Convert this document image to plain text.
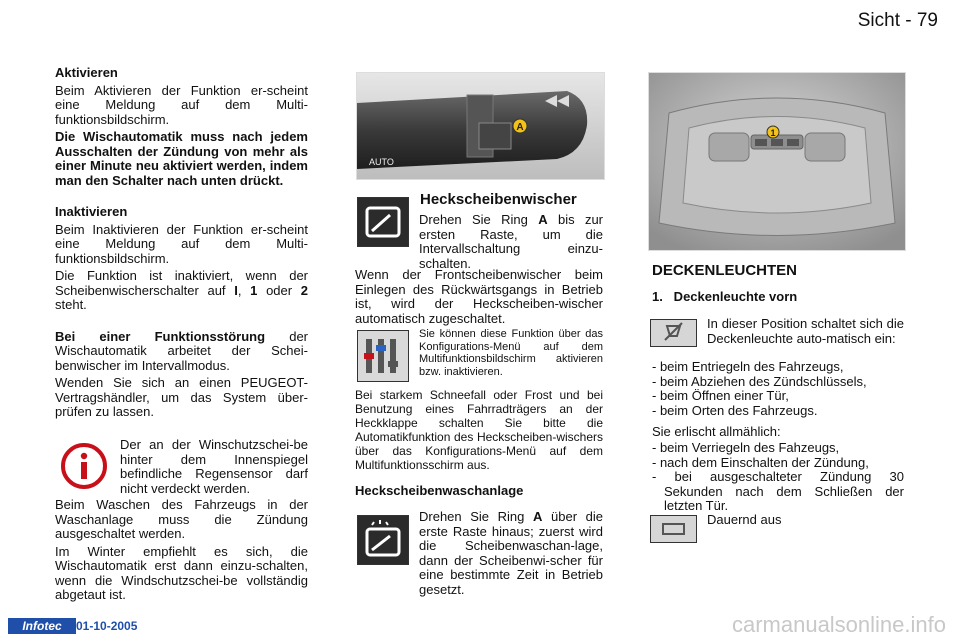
Sicht - 79

Aktivieren

Beim Aktivieren der Funktion er-scheint eine Meldung auf dem Multi-funktionsbildschirm.

Die Wischautomatik muss nach jedem Ausschalten der Zündung von mehr als einer Minute neu aktiviert werden, indem man den Schalter nach unten drückt.

Inaktivieren

Beim Inaktivieren der Funktion er-scheint eine Meldung auf dem Multi-funktionsbildschirm.

Die Funktion ist inaktiviert, wenn der Scheibenwischerschalter auf I, 1 oder 2 steht.

Bei einer Funktionsstörung der Wischautomatik arbeitet der Schei-benwischer im Intervallmodus.

Wenden Sie sich an einen PEUGEOT-Vertragshändler, um das System über-prüfen zu lassen.

Der an der Winschutzschei-be hinter dem Innenspiegel befindliche Regensensor darf nicht verdeckt werden.

Beim Waschen des Fahrzeugs in der Waschanlage muss die Zündung ausgeschaltet werden.

Im Winter empfiehlt es sich, die Wischautomatik erst dann einzu-schalten, wenn die Windschutzschei-be vollständig abgetaut ist.

A
AUTO
Heckscheibenwischer

Drehen Sie Ring A bis zur ersten Raste, um die Intervallschaltung einzu-schalten.

Wenn der Frontscheibenwischer beim Einlegen des Rückwärtsgangs in Betrieb ist, wird der Heckscheiben-wischer automatisch zugeschaltet.

Sie können diese Funktion über das Konfigurations-Menü auf dem Multifunktionsbildschirm aktivieren bzw. inaktivieren.

Bei starkem Schneefall oder Frost und bei Benutzung eines Fahrradträgers an der Heckklappe schalten Sie bitte die Automatikfunktion des Heckscheiben-wischers über das Konfigurations-Menü auf dem Multifunktionsschirm aus.

Heckscheibenwaschanlage

Drehen Sie Ring A über die erste Raste hinaus; zuerst wird die Scheibenwaschan-lage, dann der Scheibenwi-scher für eine bestimmte Zeit in Betrieb gesetzt.

1
DECKENLEUCHTEN
1.   Deckenleuchte vorn

In dieser Position schaltet sich die Deckenleuchte auto-matisch ein:

- beim Entriegeln des Fahrzeugs,
- beim Abziehen des Zündschlüssels,
- beim Öffnen einer Tür,
- beim Orten des Fahrzeugs.

Sie erlischt allmählich:

- beim Verriegeln des Fahzeugs,
- nach dem Einschalten der Zündung,
- bei ausgeschalteter Zündung 30 Sekunden nach dem Schließen der letzten Tür.

Dauernd aus

Infotec	01-10-2005	carmanualsonline.info
